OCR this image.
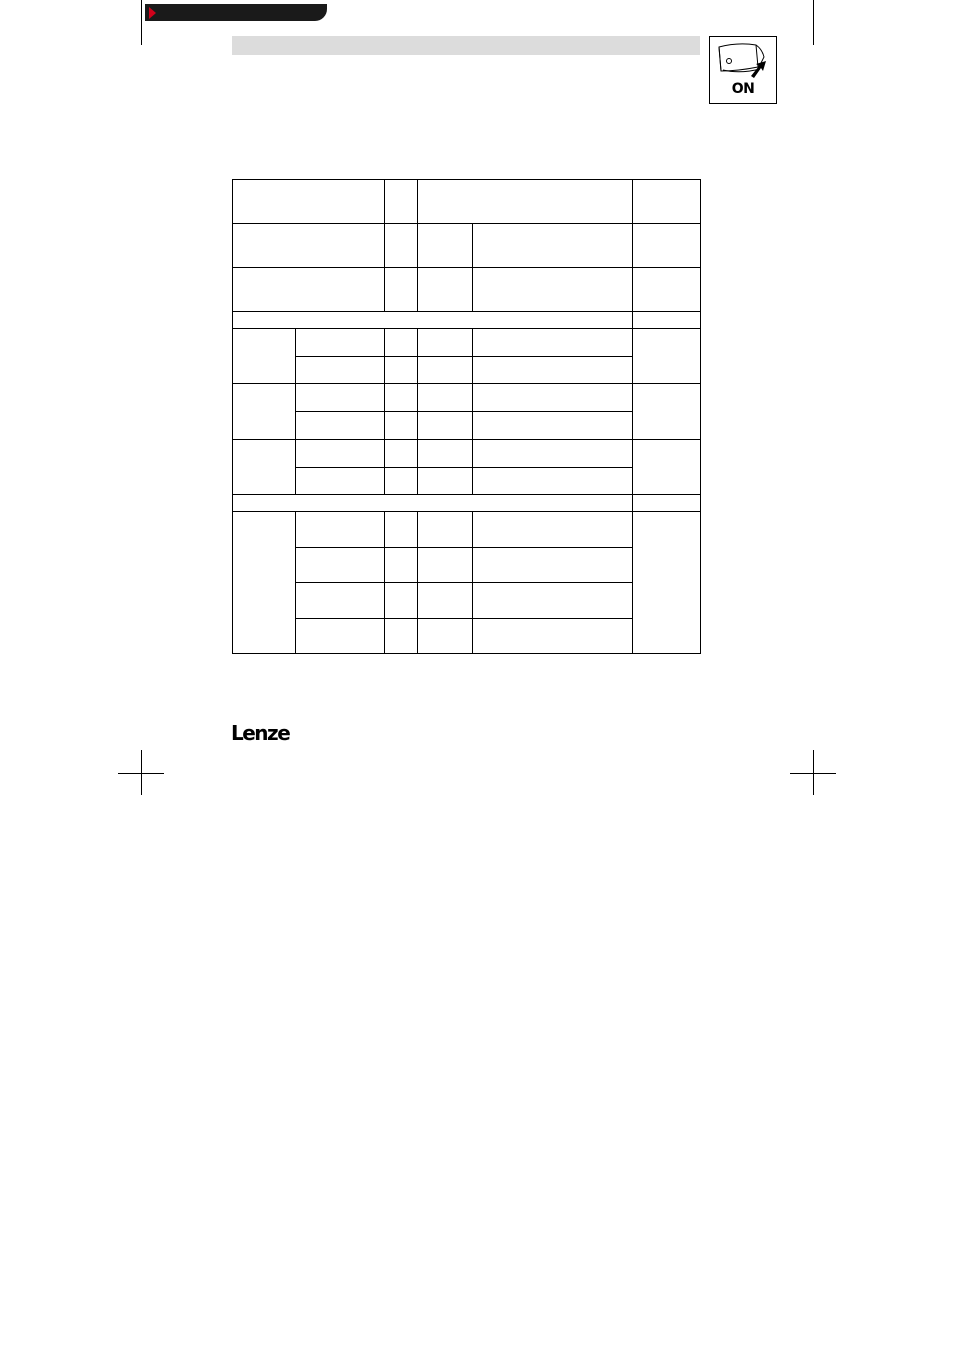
ON

Lenze
